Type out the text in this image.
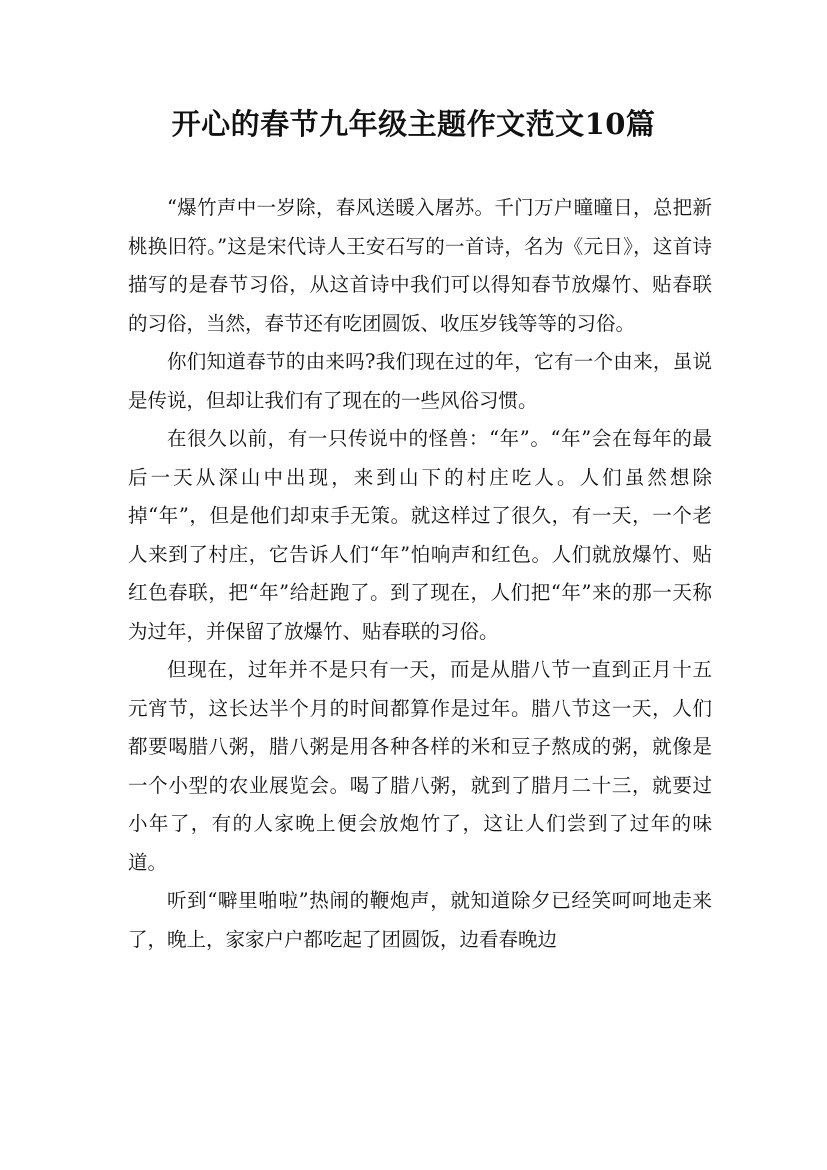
开心的春节九年级主题作文范文10篇

“爆竹声中一岁除，春风送暖入屠苏。千门万户曈曈日，总把新桃换旧符。”这是宋代诗人王安石写的一首诗，名为《元日》，这首诗描写的是春节习俗，从这首诗中我们可以得知春节放爆竹、贴春联的习俗，当然，春节还有吃团圆饭、收压岁钱等等的习俗。

你们知道春节的由来吗?我们现在过的年，它有一个由来，虽说是传说，但却让我们有了现在的一些风俗习惯。

在很久以前，有一只传说中的怪兽：“年”。“年”会在每年的最后一天从深山中出现，来到山下的村庄吃人。人们虽然想除掉“年”，但是他们却束手无策。就这样过了很久，有一天，一个老人来到了村庄，它告诉人们“年”怕响声和红色。人们就放爆竹、贴红色春联，把“年”给赶跑了。到了现在，人们把“年”来的那一天称为过年，并保留了放爆竹、贴春联的习俗。

但现在，过年并不是只有一天，而是从腊八节一直到正月十五元宵节，这长达半个月的时间都算作是过年。腊八节这一天，人们都要喝腊八粥，腊八粥是用各种各样的米和豆子熬成的粥，就像是一个小型的农业展览会。喝了腊八粥，就到了腊月二十三，就要过小年了，有的人家晚上便会放炮竹了，这让人们尝到了过年的味道。

听到“噼里啪啦”热闹的鞭炮声，就知道除夕已经笑呵呵地走来了，晚上，家家户户都吃起了团圆饭，边看春晚边
